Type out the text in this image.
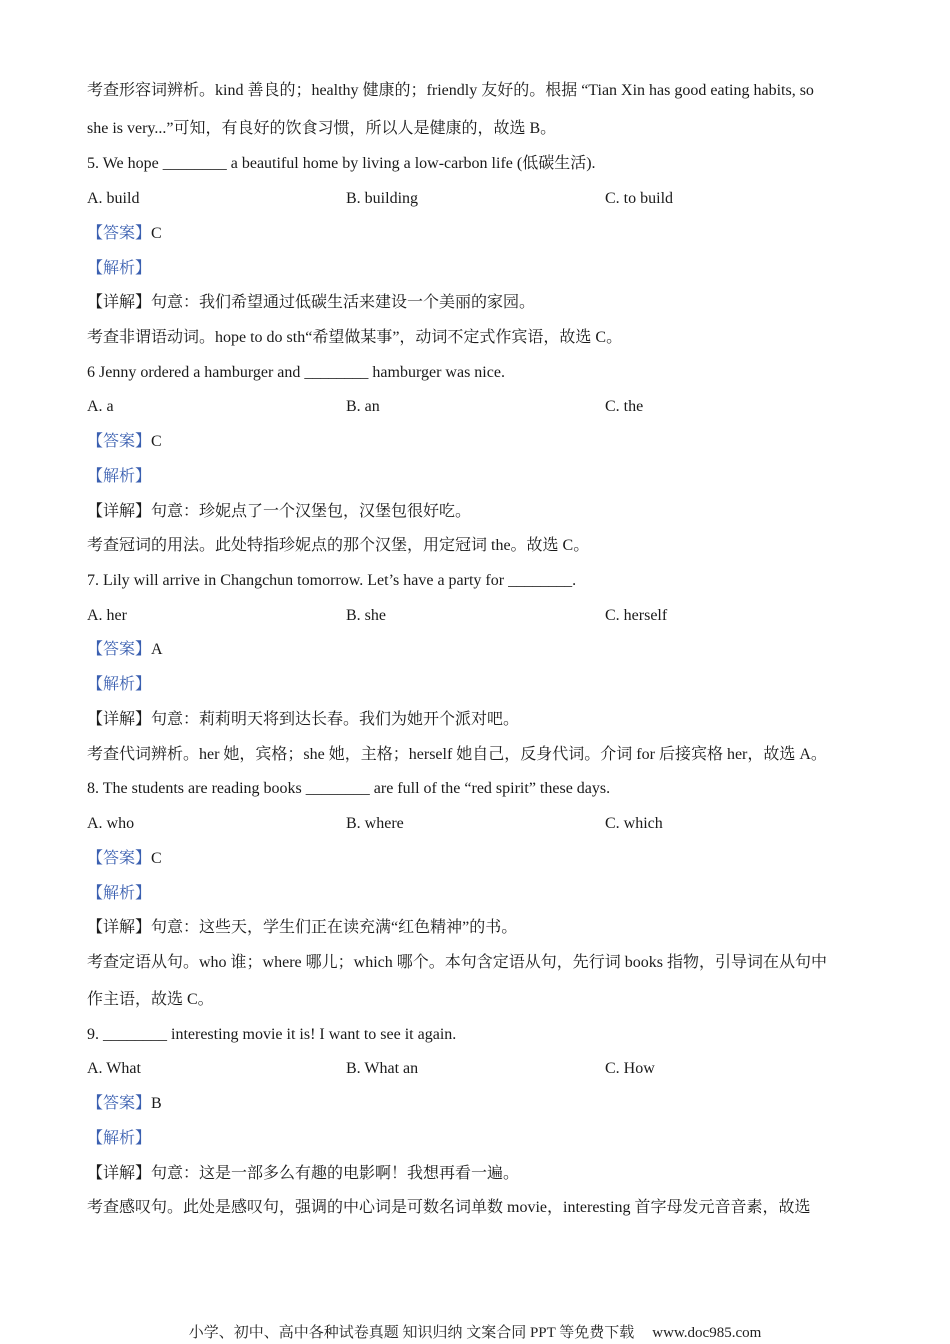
考查形容词辨析。kind 善良的；healthy 健康的；friendly 友好的。根据 “Tian Xin has good eating habits, so
she is very...”可知，有良好的饮食习惯，所以人是健康的，故选 B。
5. We hope ________ a beautiful home by living a low-carbon life (低碳生活).
A. build	B. building	C. to build
【答案】C
【解析】
【详解】句意：我们希望通过低碳生活来建设一个美丽的家园。
考查非谓语动词。hope to do sth“希望做某事”，动词不定式作宾语，故选 C。
6 Jenny ordered a hamburger and ________ hamburger was nice.
A. a	B. an	C. the
【答案】C
【解析】
【详解】句意：珍妮点了一个汉堡包，汉堡包很好吃。
考查冠词的用法。此处特指珍妮点的那个汉堡，用定冠词 the。故选 C。
7. Lily will arrive in Changchun tomorrow. Let’s have a party for ________.
A. her	B. she	C. herself
【答案】A
【解析】
【详解】句意：莉莉明天将到达长春。我们为她开个派对吧。
考查代词辨析。her 她，宾格；she 她，主格；herself 她自己，反身代词。介词 for 后接宾格 her，故选 A。
8. The students are reading books ________ are full of the “red spirit” these days.
A. who	B. where	C. which
【答案】C
【解析】
【详解】句意：这些天，学生们正在读充满“红色精神”的书。
考查定语从句。who 谁；where 哪儿；which 哪个。本句含定语从句，先行词 books 指物，引导词在从句中
作主语，故选 C。
9. ________ interesting movie it is! I want to see it again.
A. What	B. What an	C. How
【答案】B
【解析】
【详解】句意：这是一部多么有趣的电影啊！我想再看一遍。
考查感叹句。此处是感叹句，强调的中心词是可数名词单数 movie，interesting 首字母发元音音素，故选
小学、初中、高中各种试卷真题 知识归纳 文案合同 PPT 等免费下载 www.doc985.com
